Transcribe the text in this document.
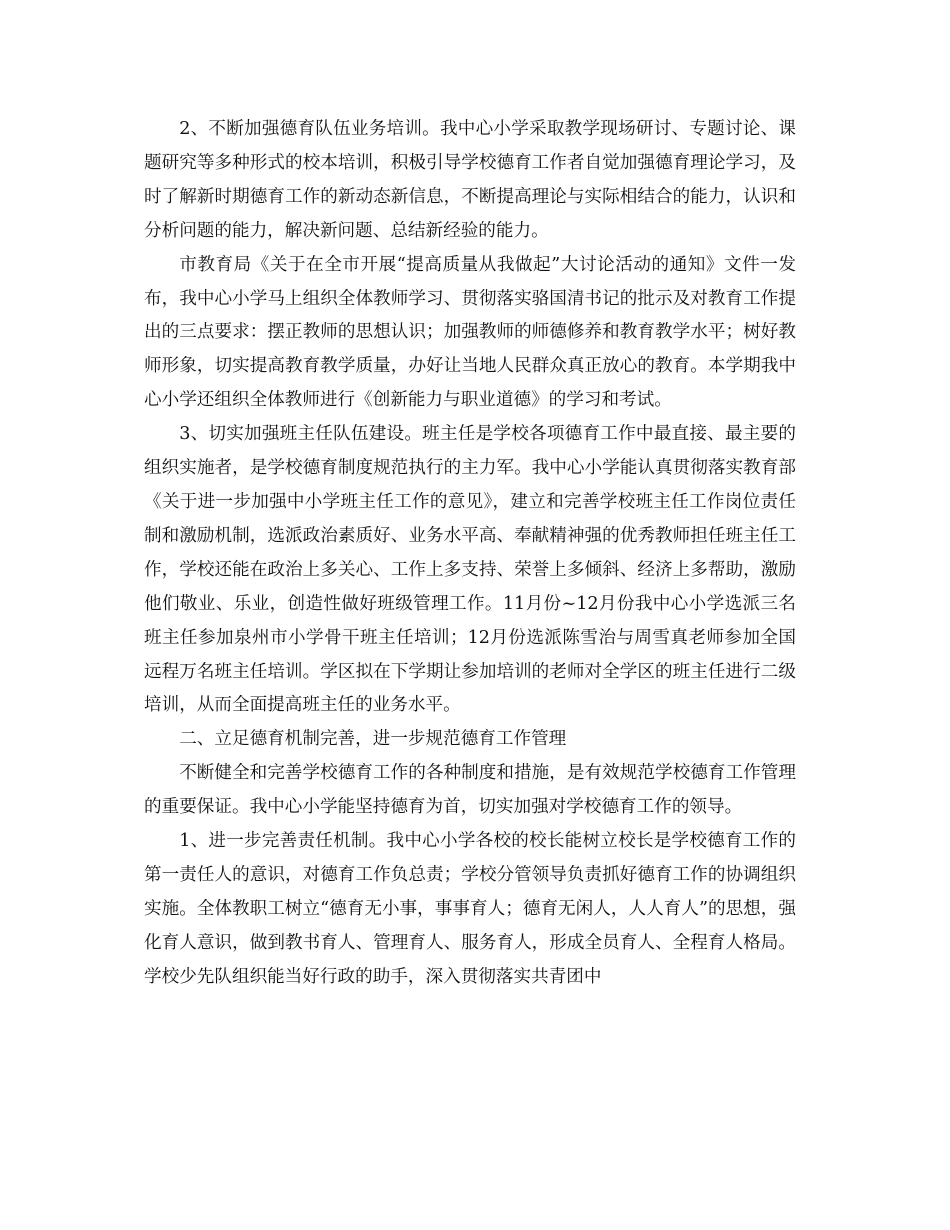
2、不断加强德育队伍业务培训。我中心小学采取教学现场研讨、专题讨论、课题研究等多种形式的校本培训，积极引导学校德育工作者自觉加强德育理论学习，及时了解新时期德育工作的新动态新信息，不断提高理论与实际相结合的能力，认识和分析问题的能力，解决新问题、总结新经验的能力。

市教育局《关于在全市开展“提高质量从我做起”大讨论活动的通知》文件一发布，我中心小学马上组织全体教师学习、贯彻落实骆国清书记的批示及对教育工作提出的三点要求：摆正教师的思想认识；加强教师的师德修养和教育教学水平；树好教师形象，切实提高教育教学质量，办好让当地人民群众真正放心的教育。本学期我中心小学还组织全体教师进行《创新能力与职业道德》的学习和考试。

3、切实加强班主任队伍建设。班主任是学校各项德育工作中最直接、最主要的组织实施者，是学校德育制度规范执行的主力军。我中心小学能认真贯彻落实教育部《关于进一步加强中小学班主任工作的意见》，建立和完善学校班主任工作岗位责任制和激励机制，选派政治素质好、业务水平高、奉献精神强的优秀教师担任班主任工作，学校还能在政治上多关心、工作上多支持、荣誉上多倾斜、经济上多帮助，激励他们敬业、乐业，创造性做好班级管理工作。11月份~12月份我中心小学选派三名班主任参加泉州市小学骨干班主任培训；12月份选派陈雪治与周雪真老师参加全国远程万名班主任培训。学区拟在下学期让参加培训的老师对全学区的班主任进行二级培训，从而全面提高班主任的业务水平。

二、立足德育机制完善，进一步规范德育工作管理

不断健全和完善学校德育工作的各种制度和措施，是有效规范学校德育工作管理的重要保证。我中心小学能坚持德育为首，切实加强对学校德育工作的领导。

1、进一步完善责任机制。我中心小学各校的校长能树立校长是学校德育工作的第一责任人的意识，对德育工作负总责；学校分管领导负责抓好德育工作的协调组织实施。全体教职工树立“德育无小事，事事育人；德育无闲人，人人育人”的思想，强化育人意识，做到教书育人、管理育人、服务育人，形成全员育人、全程育人格局。学校少先队组织能当好行政的助手，深入贯彻落实共青团中
